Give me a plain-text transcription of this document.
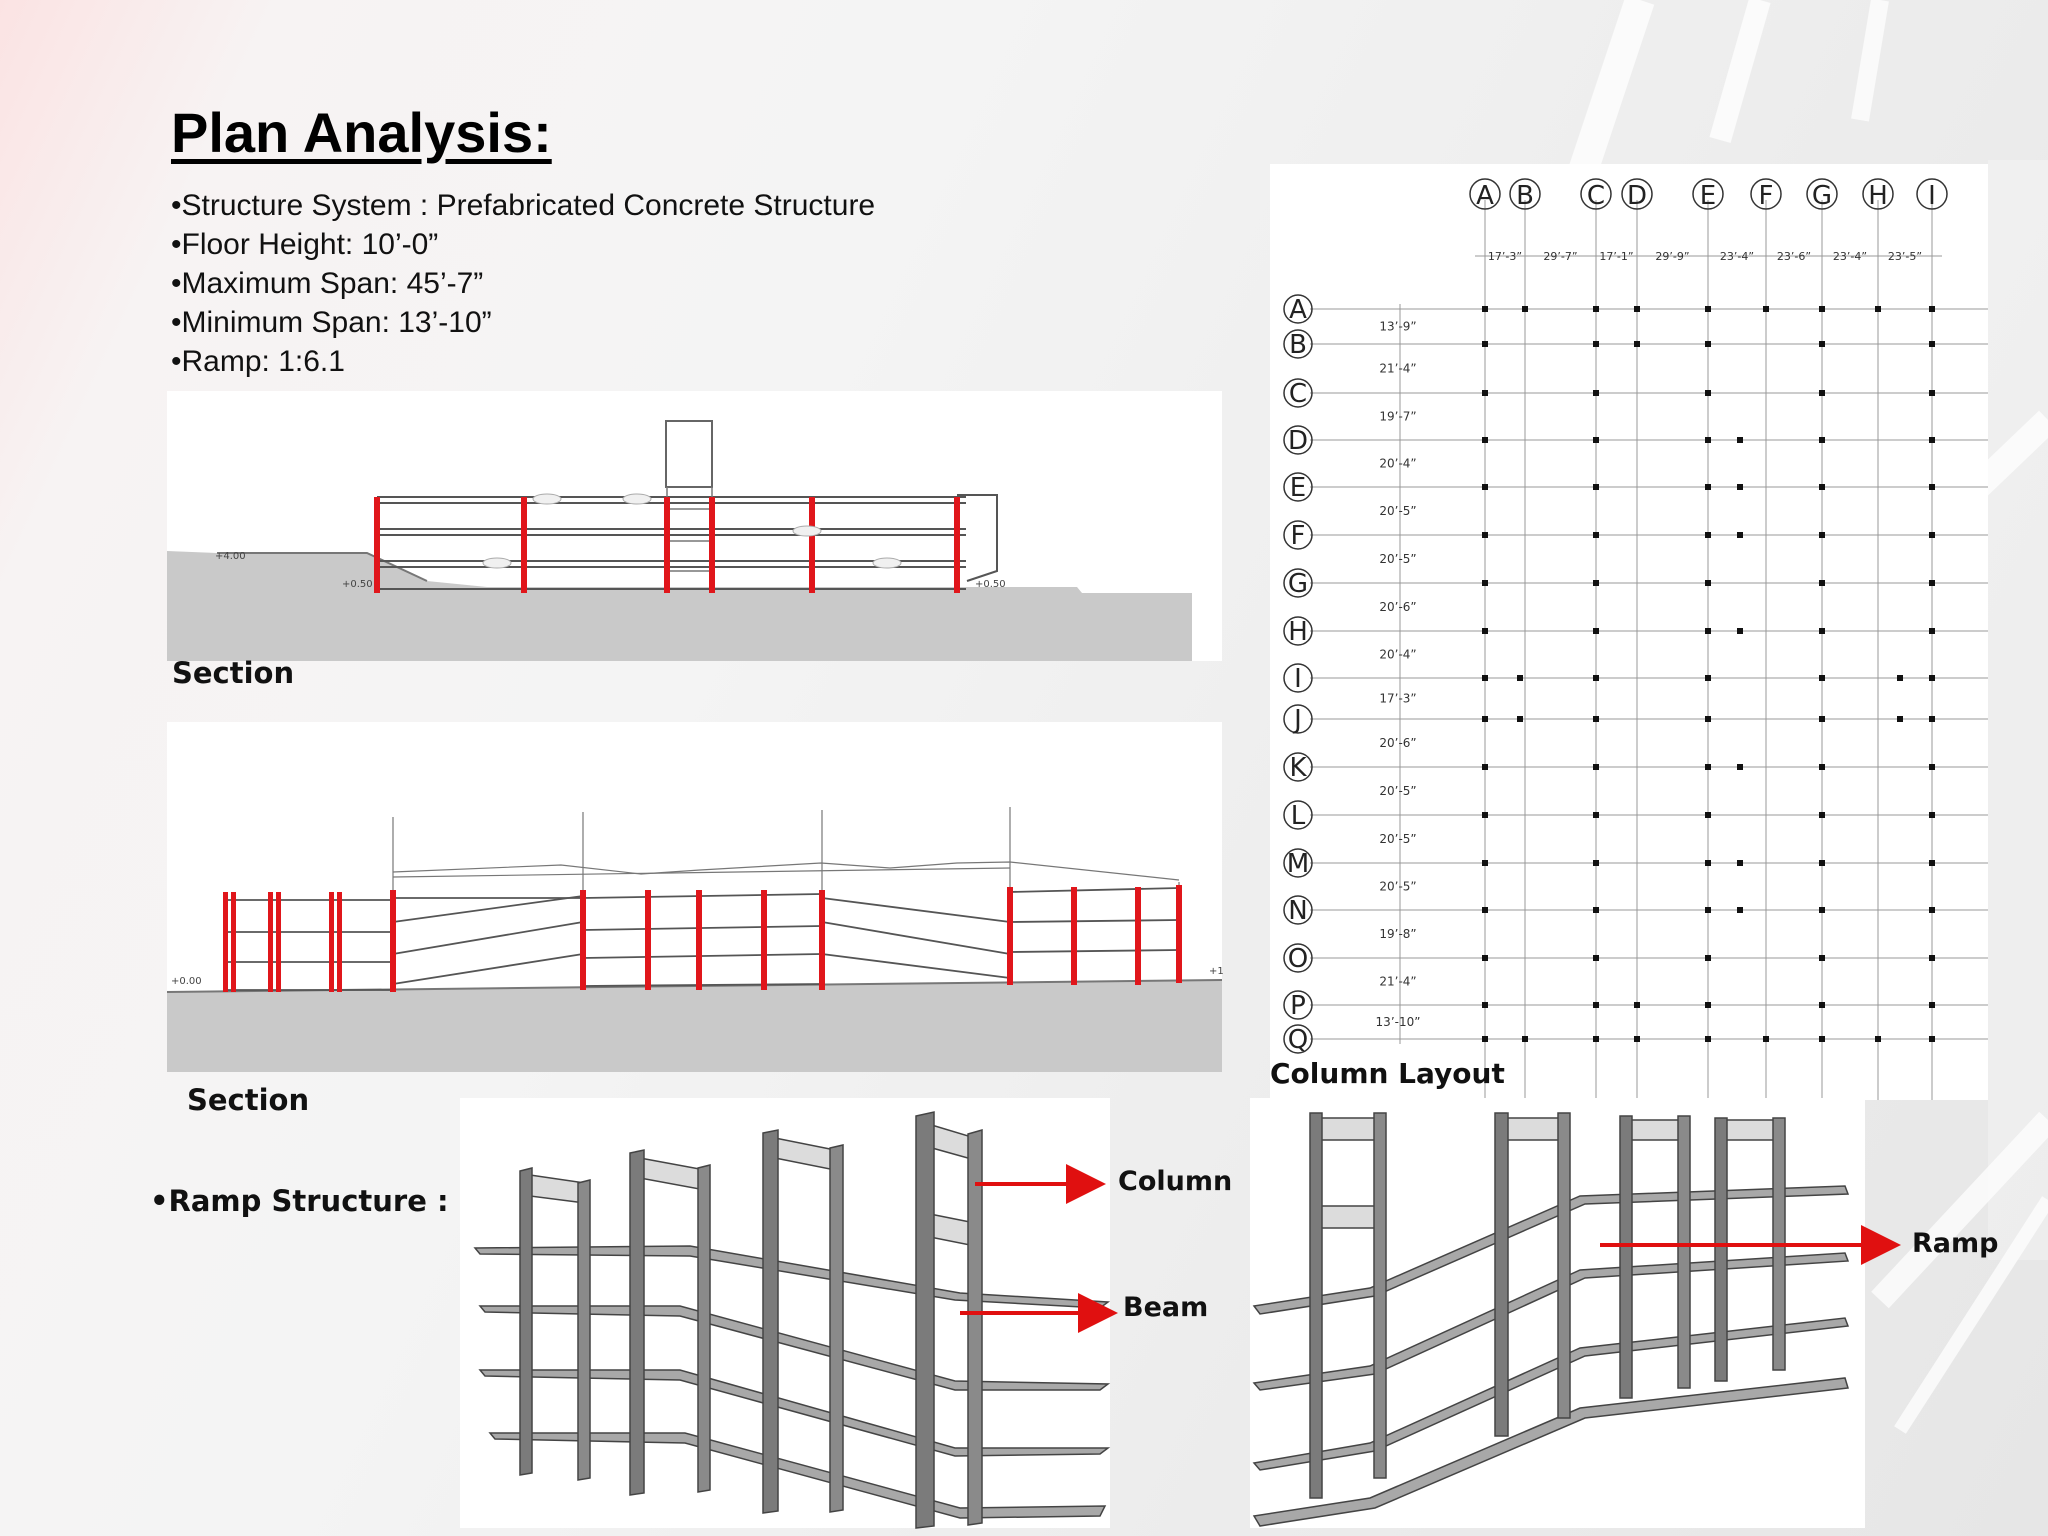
Plan Analysis:
•Structure System : Prefabricated Concrete Structure
•Floor Height: 10’-0”
•Maximum Span: 45’-7”
•Minimum Span: 13’-10”
•Ramp: 1:6.1
+4.00
+0.50	+0.50

Section

+0.00
+1

Section

A B C D E F G H I
A
B
C
D
E
F
G
H
I
J
K
L
M
N
O
P
Q
17’-3” 29’-7” 17’-1” 29’-9”	23’-4” 23’-6” 23’-4” 23’-5”
13’-9”
21’-4”
19’-7”
20’-4”
20’-5”
20’-5”
20’-6”
20’-4”
17’-3”
20’-6”
20’-5”
20’-5”
20’-5”
19’-8”
21’-4”
13’-10”

Column Layout

•Ramp Structure :

Column
Beam
Ramp
